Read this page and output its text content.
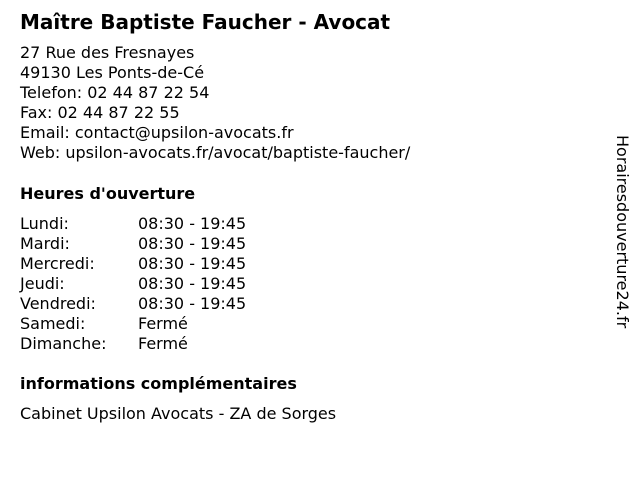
Maître Baptiste Faucher - Avocat
27 Rue des Fresnayes
49130 Les Ponts-de-Cé
Telefon: 02 44 87 22 54
Fax: 02 44 87 22 55
Email: contact@upsilon-avocats.fr
Web: upsilon-avocats.fr/avocat/baptiste-faucher/
Heures d'ouverture
Lundi:	08:30 - 19:45
Mardi:	08:30 - 19:45
Mercredi:	08:30 - 19:45
Jeudi:	08:30 - 19:45
Vendredi:	08:30 - 19:45
Samedi:	Fermé
Dimanche: Fermé
informations complémentaires
Cabinet Upsilon Avocats - ZA de Sorges
Horairesdouverture24.fr
